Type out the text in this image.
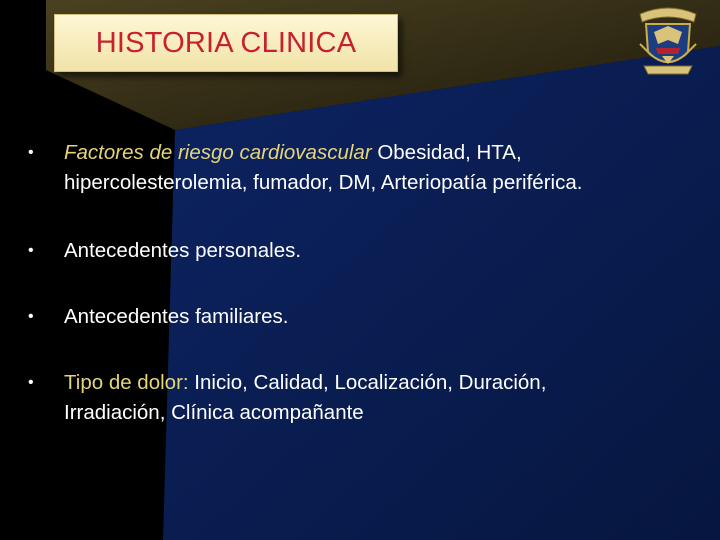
HISTORIA CLINICA
•	Factores de riesgo cardiovascular Obesidad, HTA,
hipercolesterolemia, fumador, DM, Arteriopatía periférica.
•	Antecedentes personales.
•	Antecedentes familiares.
•	Tipo de dolor: Inicio, Calidad, Localización, Duración,
Irradiación, Clínica acompañante
